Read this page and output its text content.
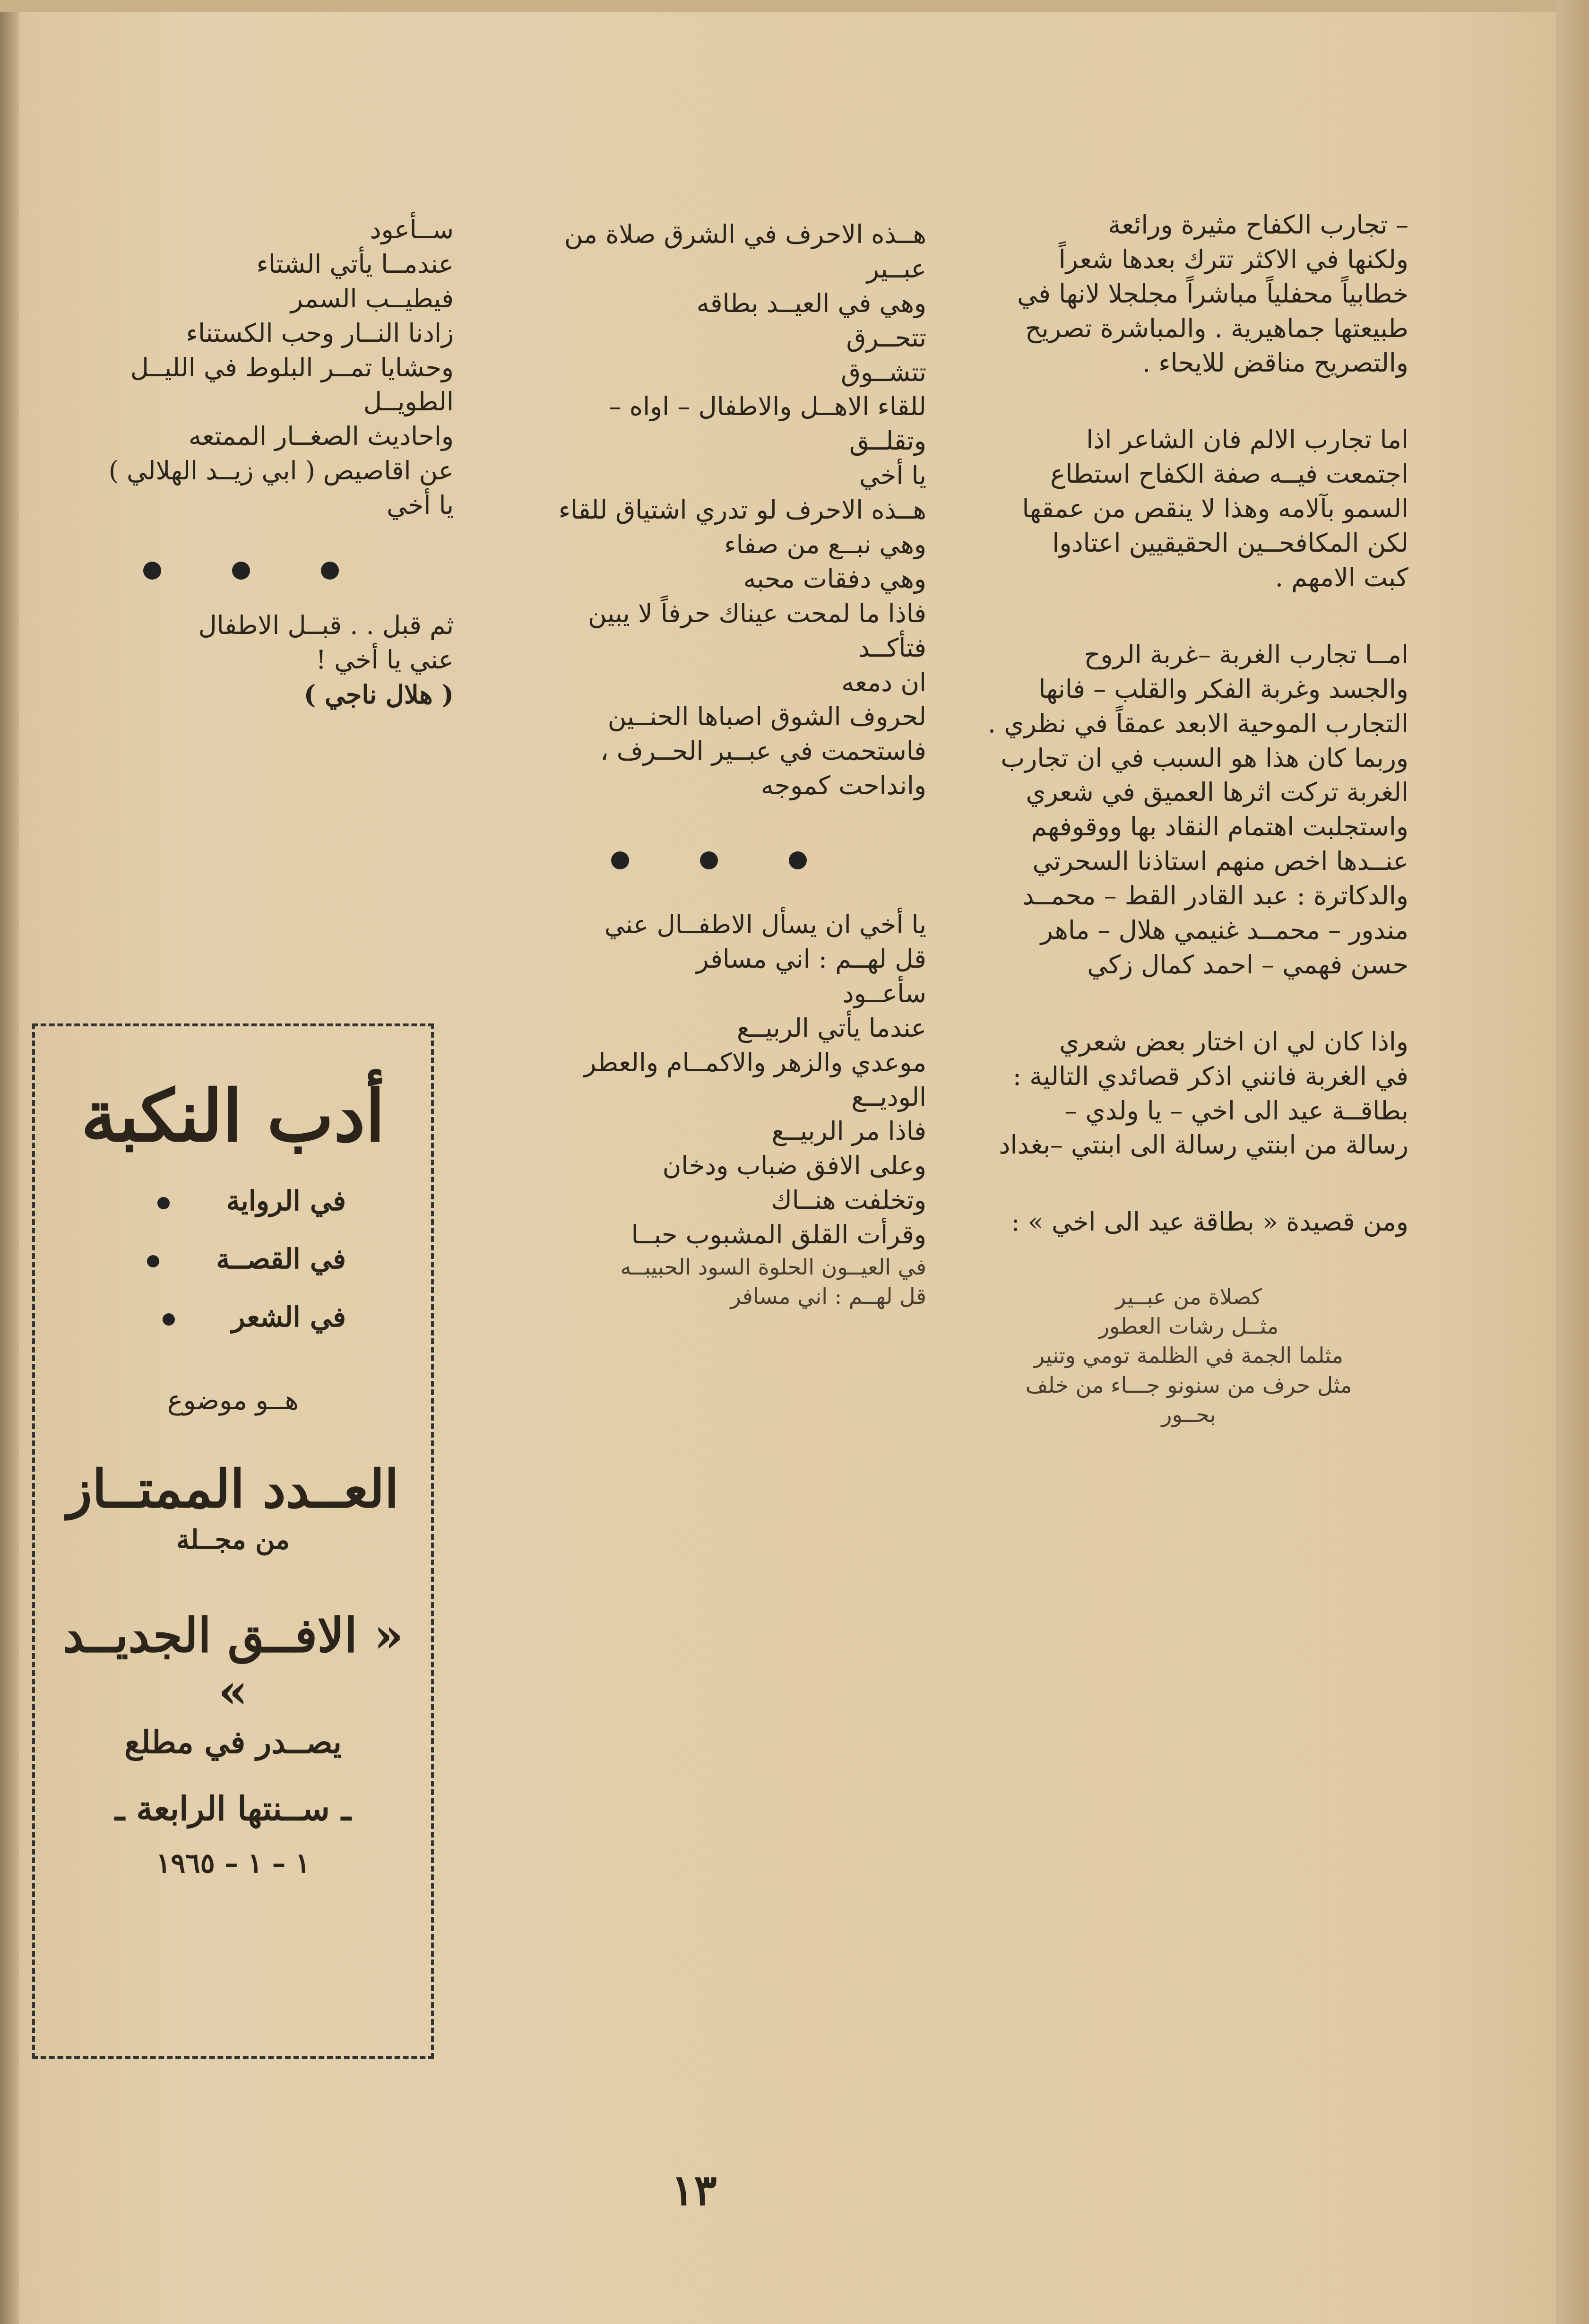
– تجارب الكفاح مثيرة ورائعة
ولكنها في الاكثر تترك بعدها شعراً
خطابياً محفلياً مباشراً مجلجلا لانها في
طبيعتها جماهيرية . والمباشرة تصريح
والتصريح مناقض للايحاء .

اما تجارب الالم فان الشاعر اذا
اجتمعت فيــه صفة الكفاح استطاع
السمو بآلامه وهذا لا ينقص من عمقها
لكن المكافحــين الحقيقيين اعتادوا
كبت الامهم .

امــا تجارب الغربة –غربة الروح
والجسد وغربة الفكر والقلب – فانها
التجارب الموحية الابعد عمقاً في نظري .
وربما كان هذا هو السبب في ان تجارب
الغربة تركت اثرها العميق في شعري
واستجلبت اهتمام النقاد بها ووقوفهم
عنــدها اخص منهم استاذنا السحرتي
والدكاترة : عبد القادر القط – محمــد
مندور – محمــد غنيمي هلال – ماهر
حسن فهمي – احمد كمال زكي

واذا كان لي ان اختار بعض شعري
في الغربة فانني اذكر قصائدي التالية :
بطاقــة عيد الى اخي – يا ولدي –
رسالة من ابنتي رسالة الى ابنتي –بغداد

ومن قصيدة « بطاقة عيد الى اخي » :

كصلاة من عبــير
مثــل رشات العطور
مثلما الجمة في الظلمة تومي وتنير
مثل حرف من سنونو جـــاء من خلف
بحــور

هــذه الاحرف في الشرق صلاة من
عبــير
وهي في العيــد بطاقه
تتحــرق
تتشــوق
للقاء الاهــل والاطفال – اواه –
وتقلــق
يا أخي
هــذه الاحرف لو تدري اشتياق للقاء
وهي نبــع من صفاء
وهي دفقات محبه
فاذا ما لمحت عيناك حرفاً لا يبين
فتأكــد
ان دمعه
لحروف الشوق اصباها الحنــين
فاستحمت في عبــير الحــرف ،
وانداحت كموجه

يا أخي ان يسأل الاطفــال عني
قل لهــم : اني مسافر
سأعــود
عندما يأتي الربيــع
موعدي والزهر والاكمــام والعطر
الوديــع
فاذا مر الربيــع
وعلى الافق ضباب ودخان
وتخلفت هنــاك
وقرأت القلق المشبوب حبــا
في العيــون الحلوة السود الحبيبــه
قل لهــم : اني مسافر

ســأعود
عندمــا يأتي الشتاء
فيطيــب السمر
زادنا النــار وحب الكستناء
وحشايا تمــر البلوط في الليــل
الطويــل
واحاديث الصغــار الممتعه
عن اقاصيص ( ابي زيــد الهلالي )
يا أخي

ثم قبل . . قبــل الاطفال
عني يا أخي !
( هلال ناجي )

أدب النكبة
في الرواية
في القصــة
في الشعر
هــو موضوع
العــدد الممتــاز
من مجــلة
« الافــق الجديــد »
يصــدر في مطلع
ـ ســنتها الرابعة ـ
١ – ١ – ١٩٦٥
١٣
